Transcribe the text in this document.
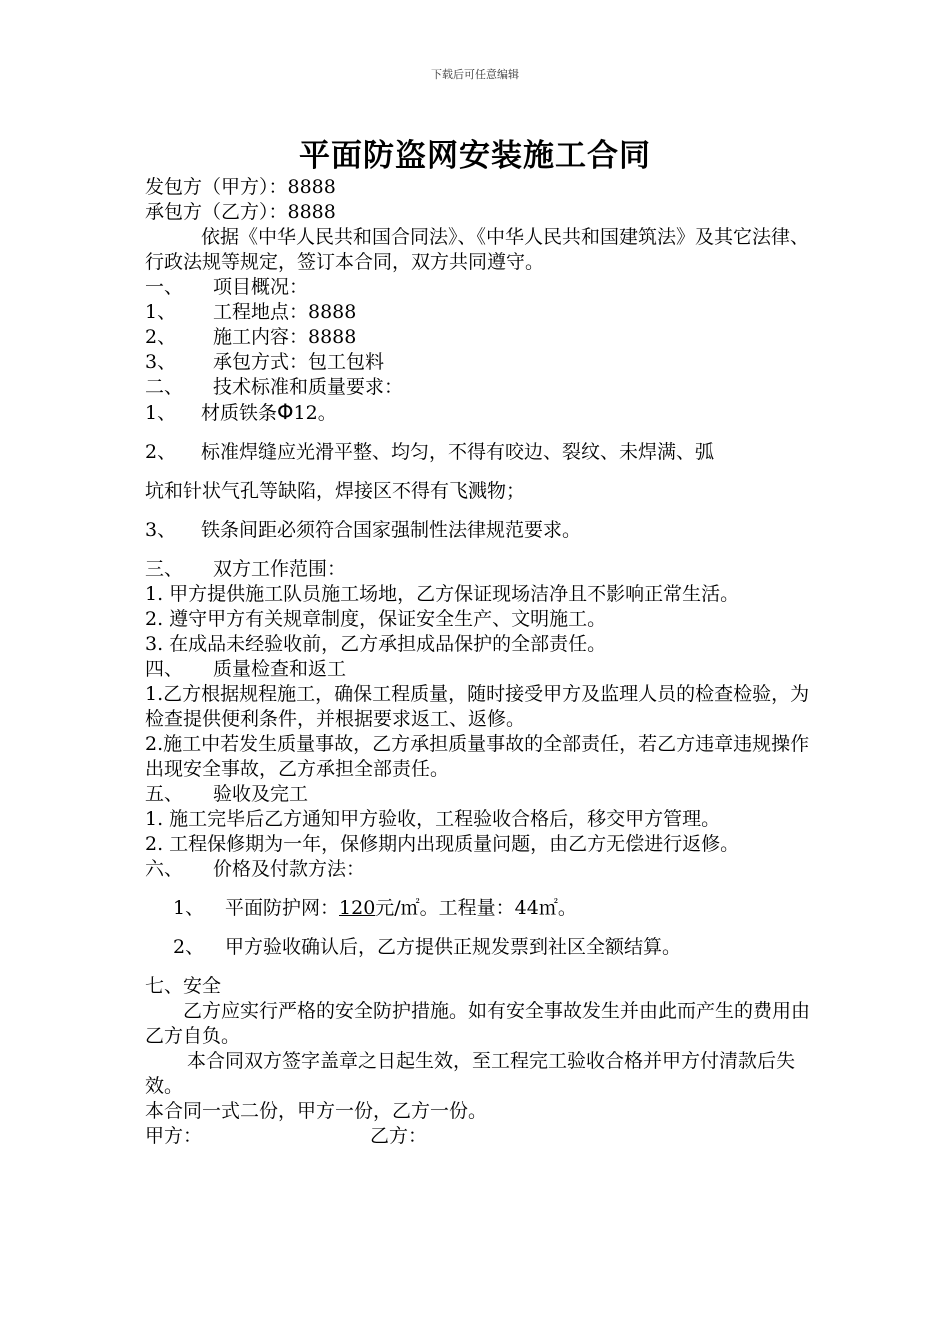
下载后可任意编辑
平面防盗网安装施工合同

发包方（甲方）：8888

承包方（乙方）：8888

依据《中华人民共和国合同法》、《中华人民共和国建筑法》及其它法律、行政法规等规定，签订本合同，双方共同遵守。

一、 项目概况：

1、 工程地点：8888

2、 施工内容：8888

3、 承包方式：包工包料

二、 技术标准和质量要求：

1、 材质铁条Φ12。

2、 标准焊缝应光滑平整、均匀，不得有咬边、裂纹、未焊满、弧

坑和针状气孔等缺陷，焊接区不得有飞溅物；

3、 铁条间距必须符合国家强制性法律规范要求。

三、 双方工作范围：

1. 甲方提供施工队员施工场地，乙方保证现场洁净且不影响正常生活。

2. 遵守甲方有关规章制度，保证安全生产、文明施工。

3. 在成品未经验收前，乙方承担成品保护的全部责任。

四、 质量检查和返工

1.乙方根据规程施工，确保工程质量，随时接受甲方及监理人员的检查检验，为检查提供便利条件，并根据要求返工、返修。

2.施工中若发生质量事故，乙方承担质量事故的全部责任，若乙方违章违规操作出现安全事故，乙方承担全部责任。

五、 验收及完工

1. 施工完毕后乙方通知甲方验收，工程验收合格后，移交甲方管理。

2. 工程保修期为一年，保修期内出现质量问题，由乙方无偿进行返修。

六、 价格及付款方法：

1、 平面防护网：120元/㎡。工程量：44㎡。

2、 甲方验收确认后，乙方提供正规发票到社区全额结算。

七、安全

乙方应实行严格的安全防护措施。如有安全事故发生并由此而产生的费用由乙方自负。

本合同双方签字盖章之日起生效，至工程完工验收合格并甲方付清款后失效。

本合同一式二份，甲方一份，乙方一份。

甲方：	乙方：
